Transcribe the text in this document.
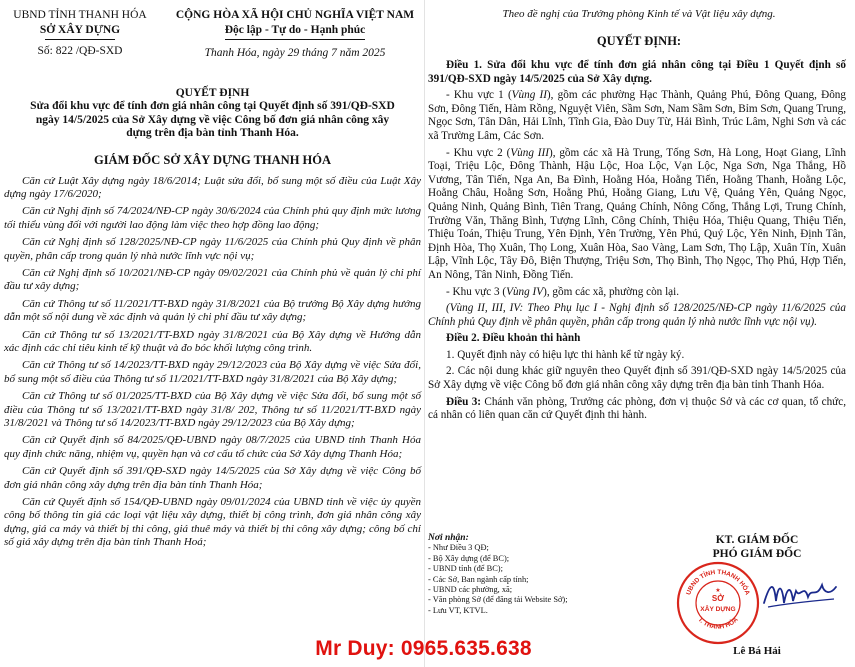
UBND TỈNH THANH HÓA
SỞ XÂY DỰNG
Số: 822 /QĐ-SXD
CỘNG HÒA XÃ HỘI CHỦ NGHĨA VIỆT NAM
Độc lập - Tự do - Hạnh phúc
Thanh Hóa, ngày 29 tháng 7 năm 2025
QUYẾT ĐỊNH
Sửa đổi khu vực để tính đơn giá nhân công tại Quyết định số 391/QĐ-SXD ngày 14/5/2025 của Sở Xây dựng về việc Công bố đơn giá nhân công xây dựng trên địa bàn tỉnh Thanh Hóa.
GIÁM ĐỐC SỞ XÂY DỰNG THANH HÓA

Căn cứ Luật Xây dựng ngày 18/6/2014; Luật sửa đổi, bổ sung một số điều của Luật Xây dựng ngày 17/6/2020;

Căn cứ Nghị định số 74/2024/NĐ-CP ngày 30/6/2024 của Chính phủ quy định mức lương tối thiểu vùng đối với người lao động làm việc theo hợp đồng lao động;

Căn cứ Nghị định số 128/2025/NĐ-CP ngày 11/6/2025 của Chính phủ Quy định về phân quyền, phân cấp trong quản lý nhà nước lĩnh vực nội vụ;

Căn cứ Nghị định số 10/2021/NĐ-CP ngày 09/02/2021 của Chính phủ về quản lý chi phí đầu tư xây dựng;

Căn cứ Thông tư số 11/2021/TT-BXD ngày 31/8/2021 của Bộ trưởng Bộ Xây dựng hướng dẫn một số nội dung về xác định và quản lý chi phí đầu tư xây dựng;

Căn cứ Thông tư số 13/2021/TT-BXD ngày 31/8/2021 của Bộ Xây dựng về Hướng dẫn xác định các chỉ tiêu kinh tế kỹ thuật và đo bóc khối lượng công trình.

Căn cứ Thông tư số 14/2023/TT-BXD ngày 29/12/2023 của Bộ Xây dựng về việc Sửa đổi, bổ sung một số điều của Thông tư số 11/2021/TT-BXD ngày 31/8/2021 của Bộ Xây dựng;

Căn cứ Thông tư số 01/2025/TT-BXD của Bộ Xây dựng về việc Sửa đổi, bổ sung một số điều của Thông tư số 13/2021/TT-BXD ngày 31/8/ 202, Thông tư số 11/2021/TT-BXD ngày 31/8/2021 và Thông tư số 14/2023/TT-BXD ngày 29/12/2023 của Bộ Xây dựng;

Căn cứ Quyết định số 84/2025/QĐ-UBND ngày 08/7/2025 của UBND tỉnh Thanh Hóa quy định chức năng, nhiệm vụ, quyền hạn và cơ cấu tổ chức của Sở Xây dựng Thanh Hóa;

Căn cứ Quyết định số 391/QĐ-SXD ngày 14/5/2025 của Sở Xây dựng về việc Công bố đơn giá nhân công xây dựng trên địa bàn tỉnh Thanh Hóa;

Căn cứ Quyết định số 154/QĐ-UBND ngày 09/01/2024 của UBND tỉnh về việc ủy quyền công bố thông tin giá các loại vật liệu xây dựng, thiết bị công trình, đơn giá nhân công xây dựng, giá ca máy và thiết bị thi công, giá thuê máy và thiết bị thi công xây dựng; công bố chỉ số giá xây dựng trên địa bàn tỉnh Thanh Hoá;

Theo đề nghị của Trưởng phòng Kinh tế và Vật liệu xây dựng.
QUYẾT ĐỊNH:

Điều 1. Sửa đổi khu vực để tính đơn giá nhân công tại Điều 1 Quyết định số 391/QĐ-SXD ngày 14/5/2025 của Sở Xây dựng.

- Khu vực 1 (Vùng II), gồm các phường Hạc Thành, Quảng Phú, Đông Quang, Đông Sơn, Đông Tiến, Hàm Rồng, Nguyệt Viên, Sầm Sơn, Nam Sầm Sơn, Bỉm Sơn, Quang Trung, Ngọc Sơn, Tân Dân, Hải Lĩnh, Tĩnh Gia, Đào Duy Từ, Hải Bình, Trúc Lâm, Nghi Sơn và các xã Trường Lâm, Các Sơn.

- Khu vực 2 (Vùng III), gồm các xã Hà Trung, Tống Sơn, Hà Long, Hoạt Giang, Lĩnh Toại, Triệu Lộc, Đông Thành, Hậu Lộc, Hoa Lộc, Vạn Lộc, Nga Sơn, Nga Thắng, Hồ Vương, Tân Tiến, Nga An, Ba Đình, Hoằng Hóa, Hoằng Tiến, Hoằng Thanh, Hoằng Lộc, Hoằng Châu, Hoằng Sơn, Hoằng Phú, Hoằng Giang, Lưu Vệ, Quảng Yên, Quảng Ngọc, Quảng Ninh, Quảng Bình, Tiên Trang, Quảng Chính, Nông Cống, Thắng Lợi, Trung Chính, Trường Văn, Thăng Bình, Tượng Lĩnh, Công Chính, Thiệu Hóa, Thiệu Quang, Thiệu Tiến, Thiệu Toán, Thiệu Trung, Yên Định, Yên Trường, Yên Phú, Quý Lộc, Yên Ninh, Định Tân, Định Hòa, Thọ Xuân, Thọ Long, Xuân Hòa, Sao Vàng, Lam Sơn, Thọ Lập, Xuân Tín, Xuân Lập, Vĩnh Lộc, Tây Đô, Biện Thượng, Triệu Sơn, Thọ Bình, Thọ Ngọc, Thọ Phú, Hợp Tiến, An Nông, Tân Ninh, Đồng Tiến.

- Khu vực 3 (Vùng IV), gồm các xã, phường còn lại.

(Vùng II, III, IV: Theo Phụ lục I - Nghị định số 128/2025/NĐ-CP ngày 11/6/2025 của Chính phủ Quy định về phân quyền, phân cấp trong quản lý nhà nước lĩnh vực nội vụ).

Điều 2. Điều khoản thi hành

1. Quyết định này có hiệu lực thi hành kể từ ngày ký.

2. Các nội dung khác giữ nguyên theo Quyết định số 391/QĐ-SXD ngày 14/5/2025 của Sở Xây dựng về việc Công bố đơn giá nhân công xây dựng trên địa bàn tỉnh Thanh Hóa.

Điều 3: Chánh văn phòng, Trưởng các phòng, đơn vị thuộc Sở và các cơ quan, tổ chức, cá nhân có liên quan căn cứ Quyết định thi hành.

Nơi nhận:
- Như Điều 3 QĐ;
- Bộ Xây dựng (để BC);
- UBND tỉnh (để BC);
- Các Sở, Ban ngành cấp tỉnh;
- UBND các phường, xã;
- Văn phòng Sở (để đăng tải Website Sở);
- Lưu VT, KTVL.
KT. GIÁM ĐỐC
PHÓ GIÁM ĐỐC
UBND TỈNH THANH HÓA
T. THANH HÓA
SỞ
XÂY DỰNG
★
Lê Bá Hải
Mr Duy: 0965.635.638
